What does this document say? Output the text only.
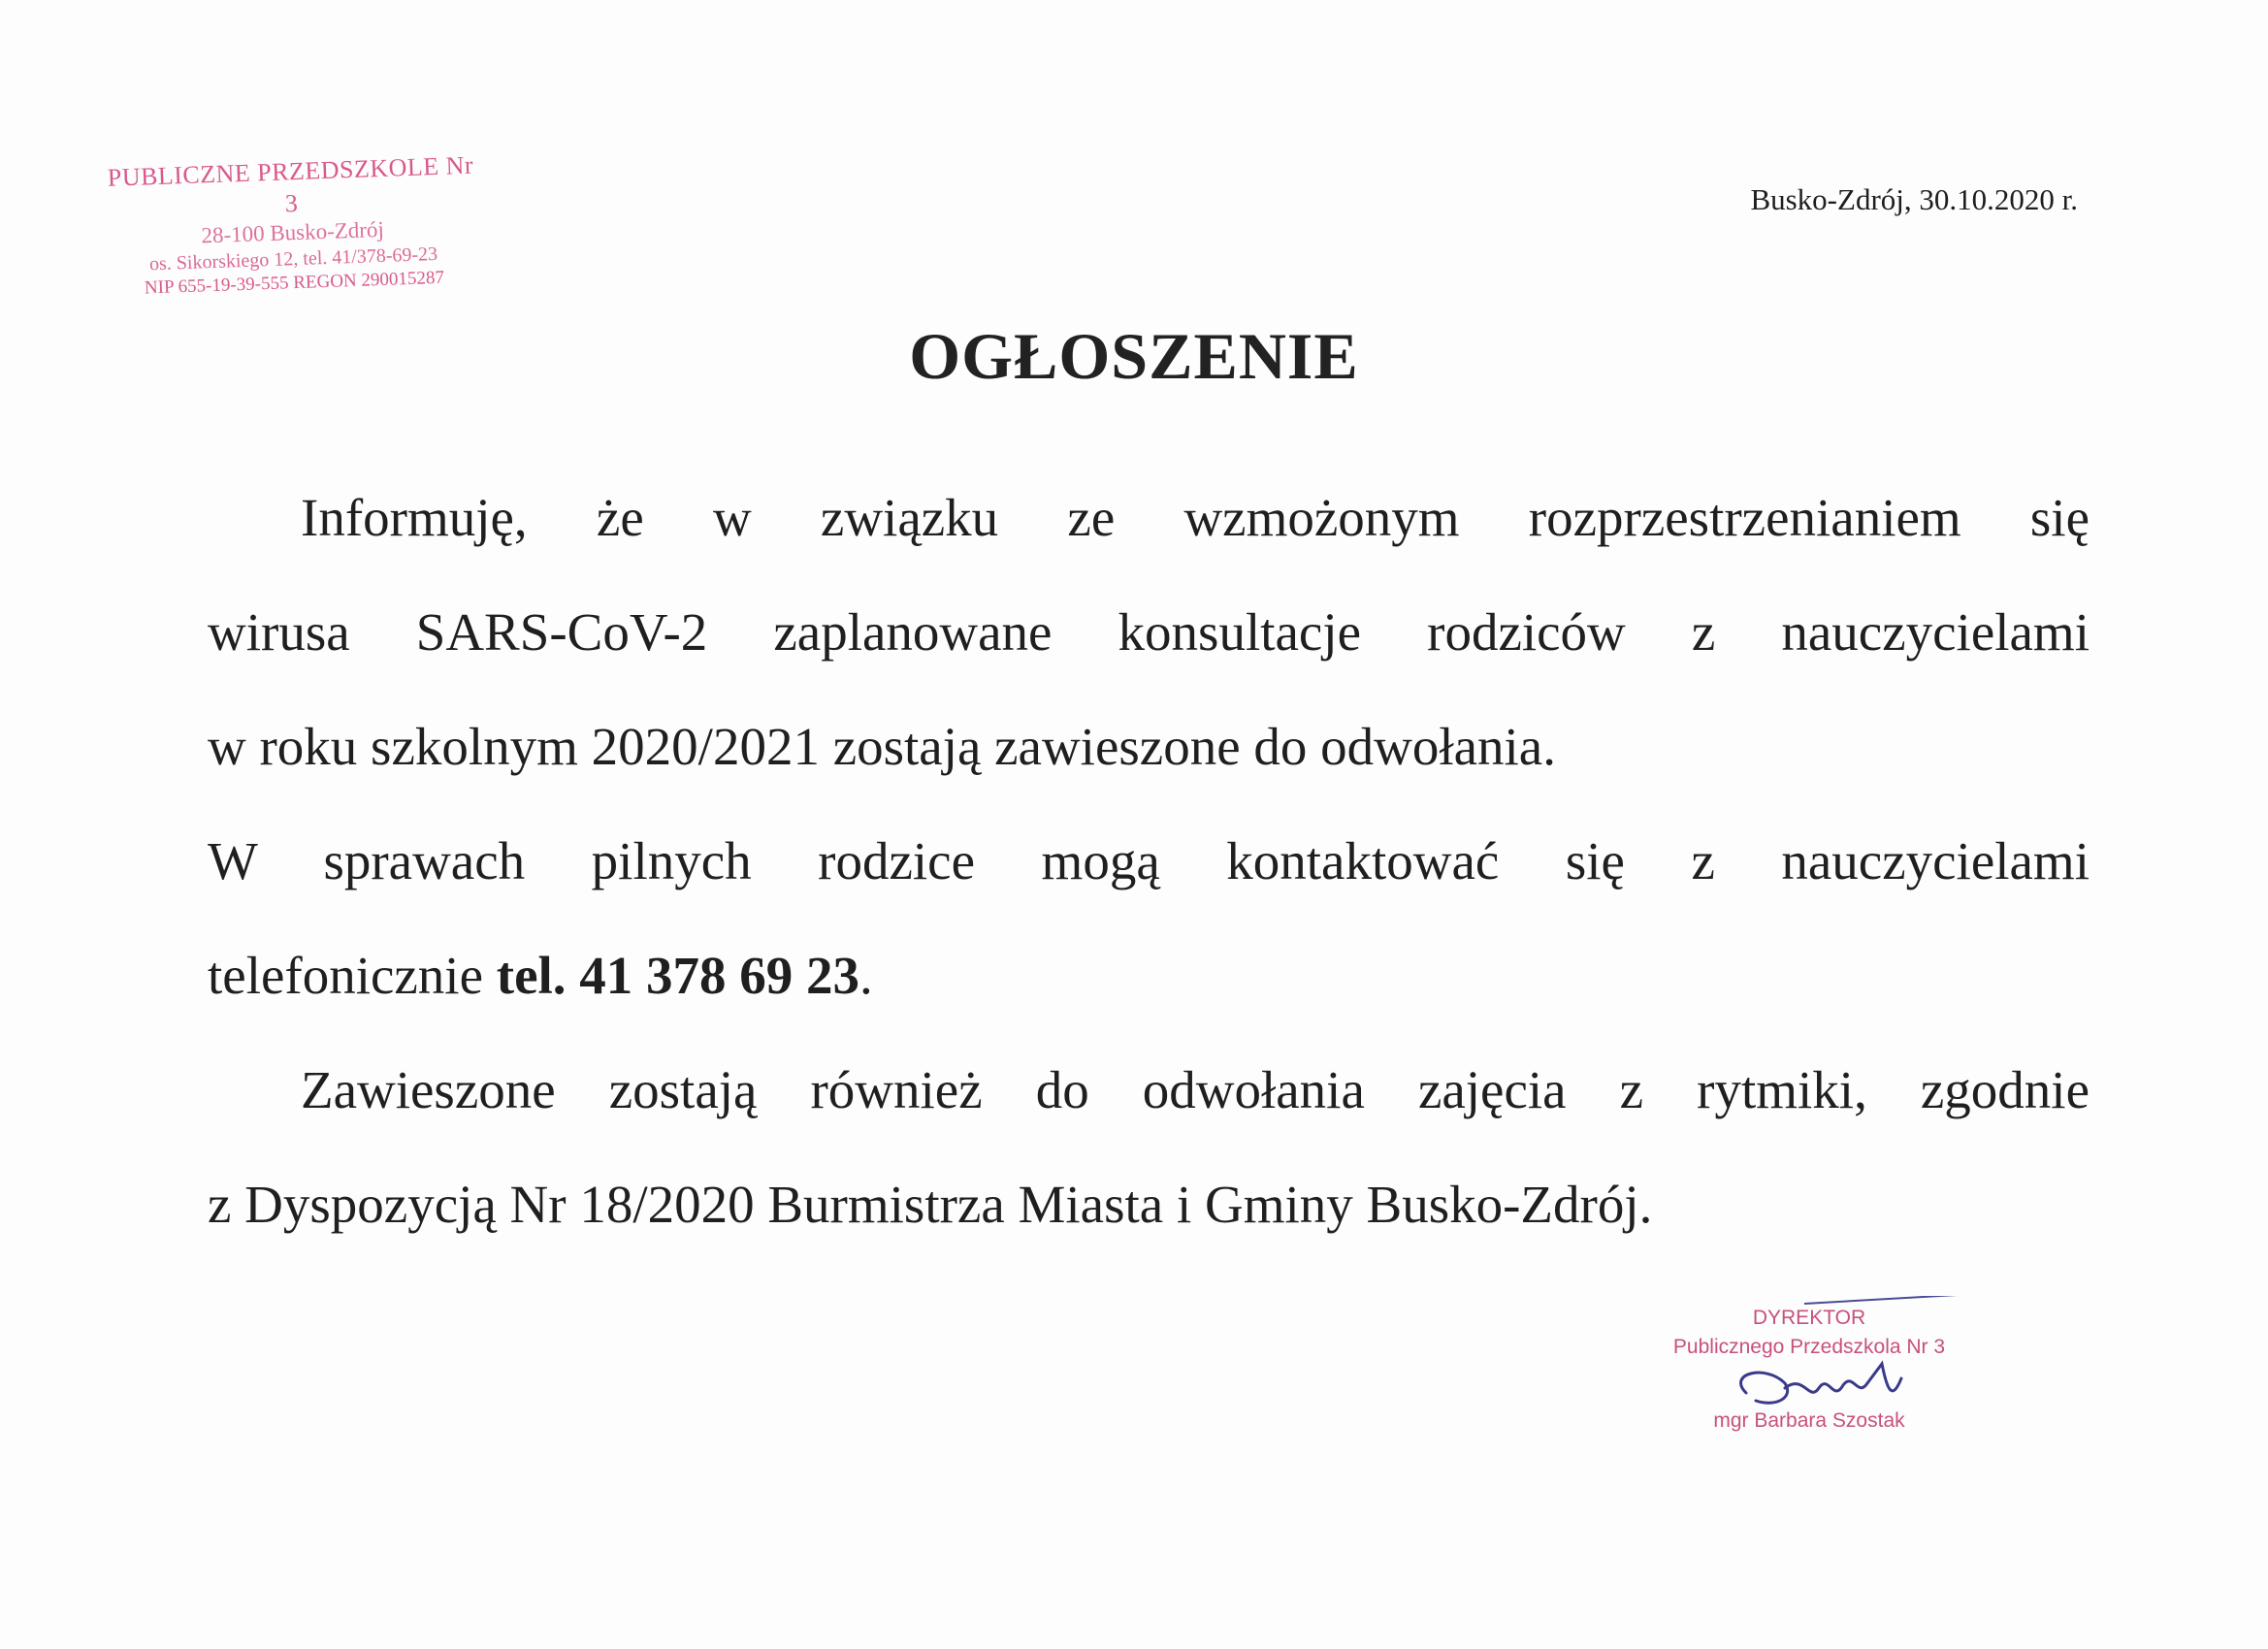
PUBLICZNE PRZEDSZKOLE Nr 3
28-100 Busko-Zdrój
os. Sikorskiego 12, tel. 41/378-69-23
NIP 655-19-39-555 REGON 290015287
Busko-Zdrój, 30.10.2020 r.
OGŁOSZENIE
Informuję, że w związku ze wzmożonym rozprzestrzenianiem się
wirusa SARS-CoV-2 zaplanowane konsultacje rodziców z nauczycielami
w roku szkolnym 2020/2021 zostają zawieszone do odwołania.
W sprawach pilnych rodzice mogą kontaktować się z nauczycielami
telefonicznie tel. 41 378 69 23.
Zawieszone zostają również do odwołania zajęcia z rytmiki, zgodnie
z Dyspozycją Nr 18/2020 Burmistrza Miasta i Gminy Busko-Zdrój.
DYREKTOR
Publicznego Przedszkola Nr 3
mgr Barbara Szostak
